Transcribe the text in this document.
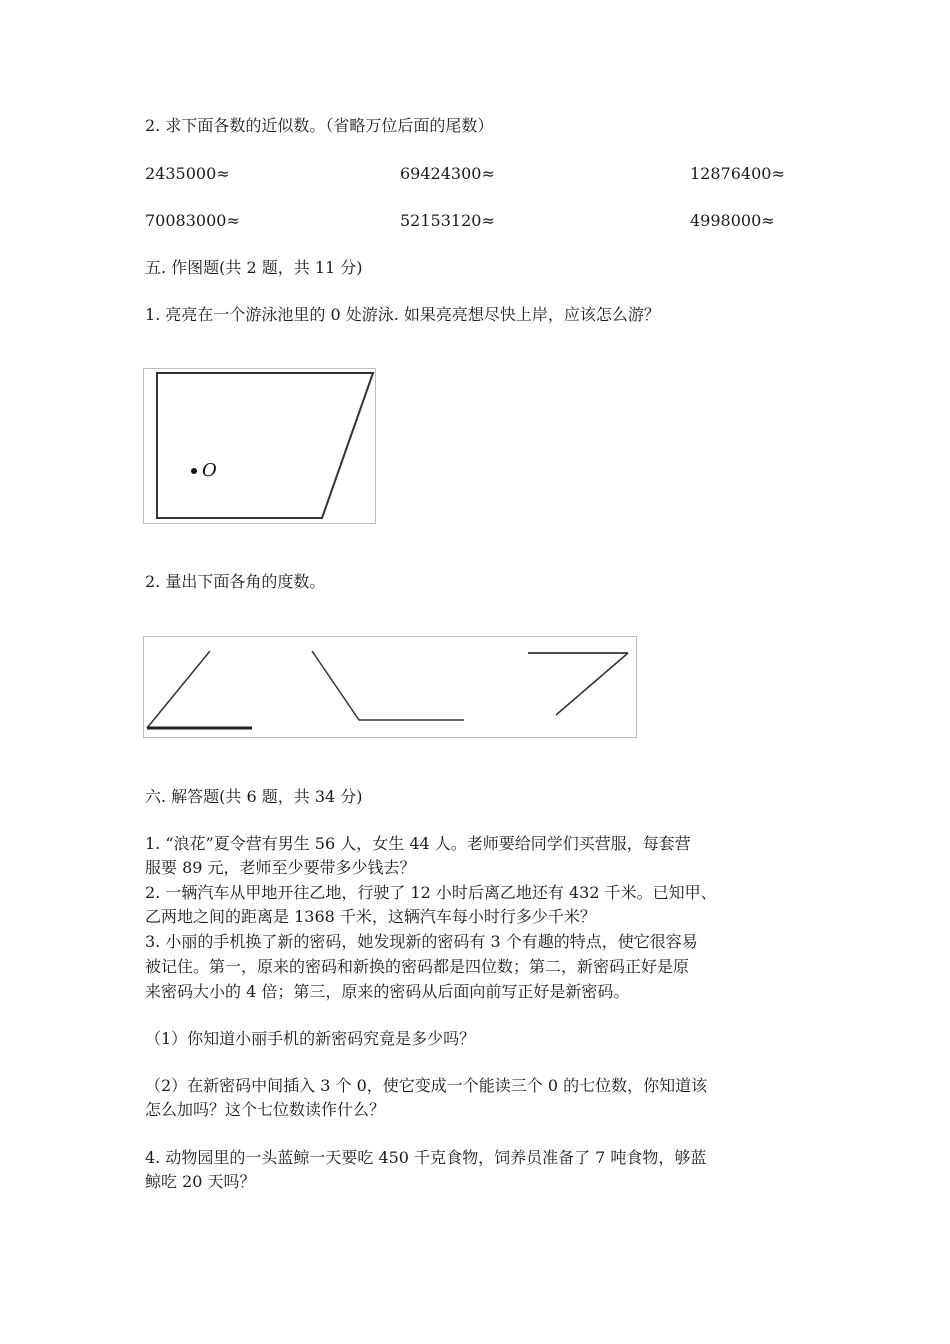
2. 求下面各数的近似数。（省略万位后面的尾数）
2435000≈	69424300≈	12876400≈
70083000≈	52153120≈	4998000≈
五. 作图题(共 2 题，共 11 分)
1. 亮亮在一个游泳池里的 0 处游泳. 如果亮亮想尽快上岸，应该怎么游？
O
2. 量出下面各角的度数。
六. 解答题(共 6 题，共 34 分)
1. “浪花”夏令营有男生 56 人，女生 44 人。老师要给同学们买营服，每套营
服要 89 元，老师至少要带多少钱去？
2. 一辆汽车从甲地开往乙地，行驶了 12 小时后离乙地还有 432 千米。已知甲、
乙两地之间的距离是 1368 千米，这辆汽车每小时行多少千米？
3. 小丽的手机换了新的密码，她发现新的密码有 3 个有趣的特点，使它很容易
被记住。第一，原来的密码和新换的密码都是四位数；第二，新密码正好是原
来密码大小的 4 倍；第三，原来的密码从后面向前写正好是新密码。
（1）你知道小丽手机的新密码究竟是多少吗？
（2）在新密码中间插入 3 个 0，使它变成一个能读三个 0 的七位数，你知道该
怎么加吗？这个七位数读作什么？
4. 动物园里的一头蓝鲸一天要吃 450 千克食物，饲养员准备了 7 吨食物，够蓝
鲸吃 20 天吗？
